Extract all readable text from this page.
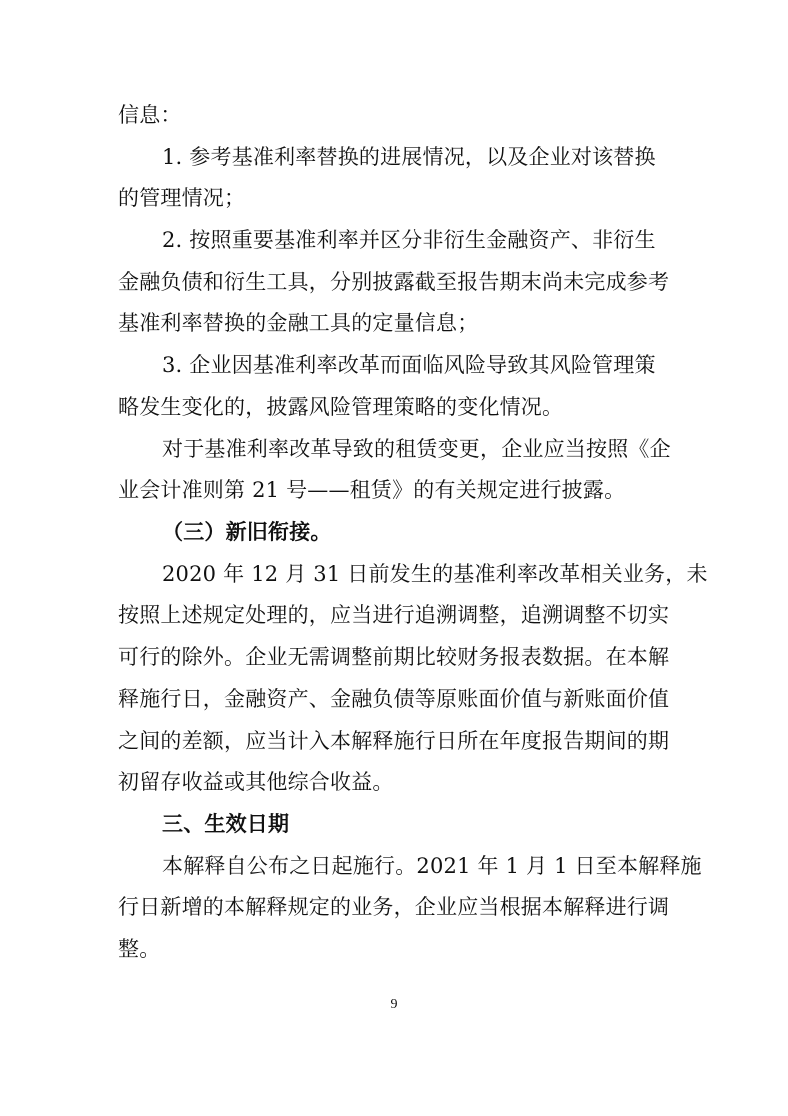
信息：
1. 参考基准利率替换的进展情况，以及企业对该替换
的管理情况；
2. 按照重要基准利率并区分非衍生金融资产、非衍生
金融负债和衍生工具，分别披露截至报告期末尚未完成参考
基准利率替换的金融工具的定量信息；
3. 企业因基准利率改革而面临风险导致其风险管理策
略发生变化的，披露风险管理策略的变化情况。
对于基准利率改革导致的租赁变更，企业应当按照《企
业会计准则第 21 号——租赁》的有关规定进行披露。
（三）新旧衔接。
2020 年 12 月 31 日前发生的基准利率改革相关业务，未
按照上述规定处理的，应当进行追溯调整，追溯调整不切实
可行的除外。企业无需调整前期比较财务报表数据。在本解
释施行日，金融资产、金融负债等原账面价值与新账面价值
之间的差额，应当计入本解释施行日所在年度报告期间的期
初留存收益或其他综合收益。
三、生效日期
本解释自公布之日起施行。2021 年 1 月 1 日至本解释施
行日新增的本解释规定的业务，企业应当根据本解释进行调
整。
9
